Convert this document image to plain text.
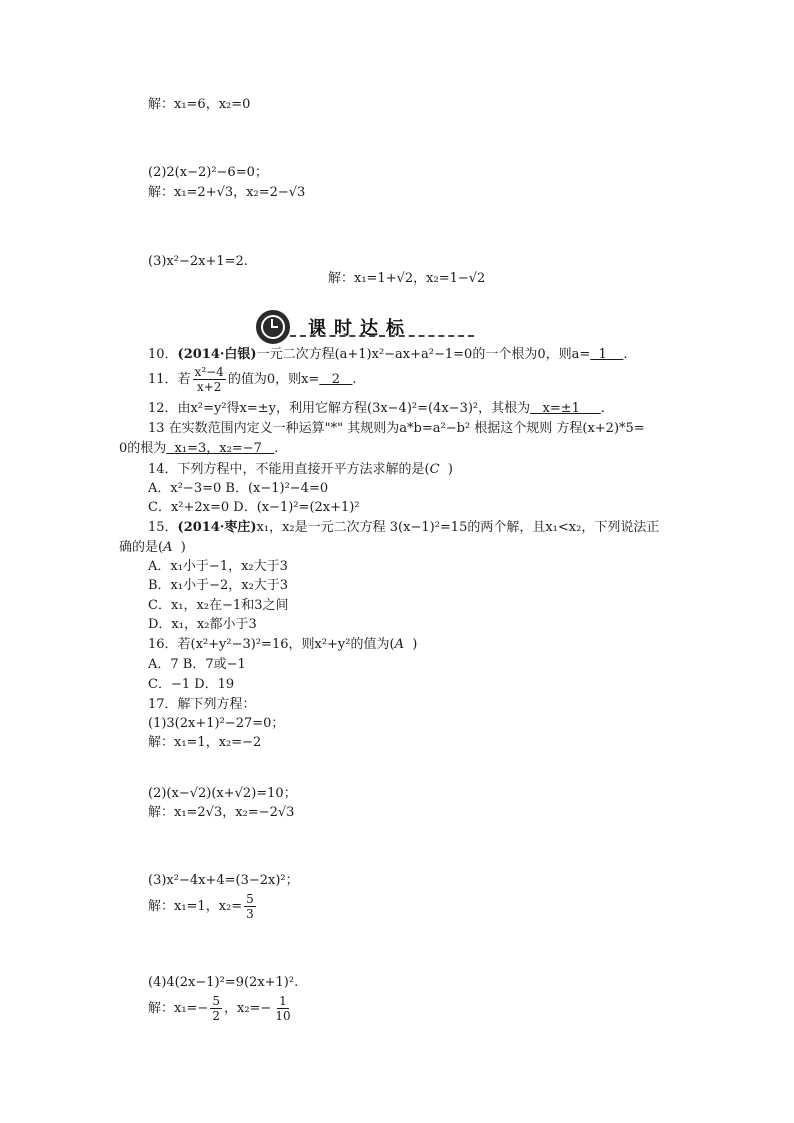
解：x₁=6，x₂=0
(2)2(x−2)²−6=0；
解：x₁=2+√3，x₂=2−√3
(3)x²−2x+1=2.
解：x₁=1+√2，x₂=1−√2
课时达标
10．(2014·白银)一元二次方程(a+1)x²−ax+a²−1=0的一个根为0，则a= 1 .
11．若 $\frac{\text{x²−4}}{x+2}$ 的值为0，则x= 2 .
12．由x²=y²得x=±y，利用它解方程(3x−4)²=(4x−3)²，其根为 x=±1 .
13 在实数范围内定义一种运算"*" 其规则为a*b=a²−b² 根据这个规则 方程(x+2)*5=
0的根为 x₁=3，x₂=−7 .
14．下列方程中，不能用直接开平方法求解的是(C )
A．x²−3=0 B．(x−1)²−4=0
C．x²+2x=0 D．(x−1)²=(2x+1)²
15．(2014·枣庄)x₁，x₂是一元二次方程 3(x−1)²=15的两个解，且x₁<x₂，下列说法正
确的是(A )
A．x₁小于−1，x₂大于3
B．x₁小于−2，x₂大于3
C．x₁，x₂在−1和3之间
D．x₁，x₂都小于3
16．若(x²+y²−3)²=16，则x²+y²的值为(A )
A．7 B．7或−1
C．−1 D．19
17．解下列方程：
(1)3(2x+1)²−27=0；
解：x₁=1，x₂=−2
(2)(x−√2)(x+√2)=10；
解：x₁=2√3，x₂=−2√3
(3)x²−4x+4=(3−2x)²；
解：x₁=1，$x_2= \frac{5}{3}$
(4)4(2x−1)²=9(2x+1)².
解：$x_1=- \frac{5}{2}$ ，$x_2=- \frac{1}{10}$
